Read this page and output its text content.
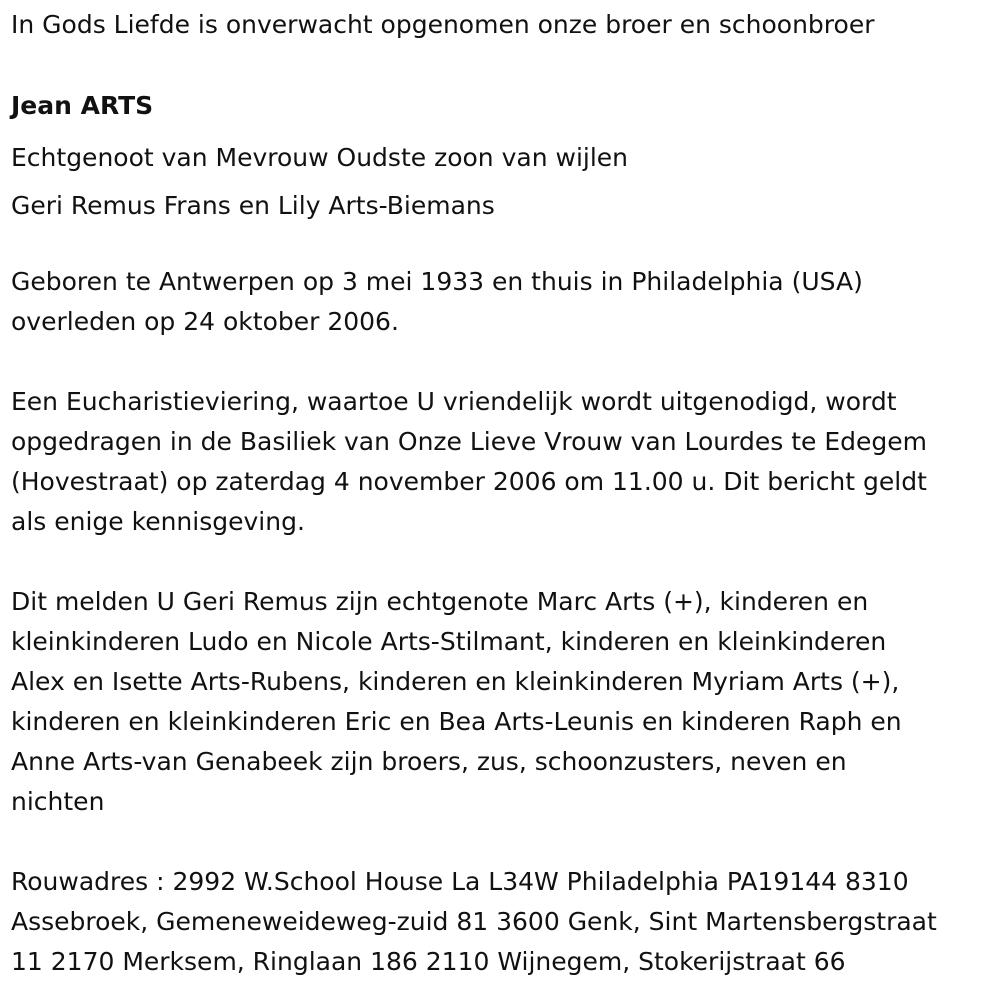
In Gods Liefde is onverwacht opgenomen onze broer en schoonbroer
Jean ARTS
Echtgenoot van Mevrouw Oudste zoon van wijlen
Geri Remus Frans en Lily Arts-Biemans
Geboren te Antwerpen op 3 mei 1933 en thuis in Philadelphia (USA)
overleden op 24 oktober 2006.
Een Eucharistieviering, waartoe U vriendelijk wordt uitgenodigd, wordt
opgedragen in de Basiliek van Onze Lieve Vrouw van Lourdes te Edegem
(Hovestraat) op zaterdag 4 november 2006 om 11.00 u. Dit bericht geldt
als enige kennisgeving.
Dit melden U Geri Remus zijn echtgenote Marc Arts (+), kinderen en
kleinkinderen Ludo en Nicole Arts-Stilmant, kinderen en kleinkinderen
Alex en Isette Arts-Rubens, kinderen en kleinkinderen Myriam Arts (+),
kinderen en kleinkinderen Eric en Bea Arts-Leunis en kinderen Raph en
Anne Arts-van Genabeek zijn broers, zus, schoonzusters, neven en
nichten
Rouwadres : 2992 W.School House La L34W Philadelphia PA19144 8310
Assebroek, Gemeneweideweg-zuid 81 3600 Genk, Sint Martensbergstraat
11 2170 Merksem, Ringlaan 186 2110 Wijnegem, Stokerijstraat 66
